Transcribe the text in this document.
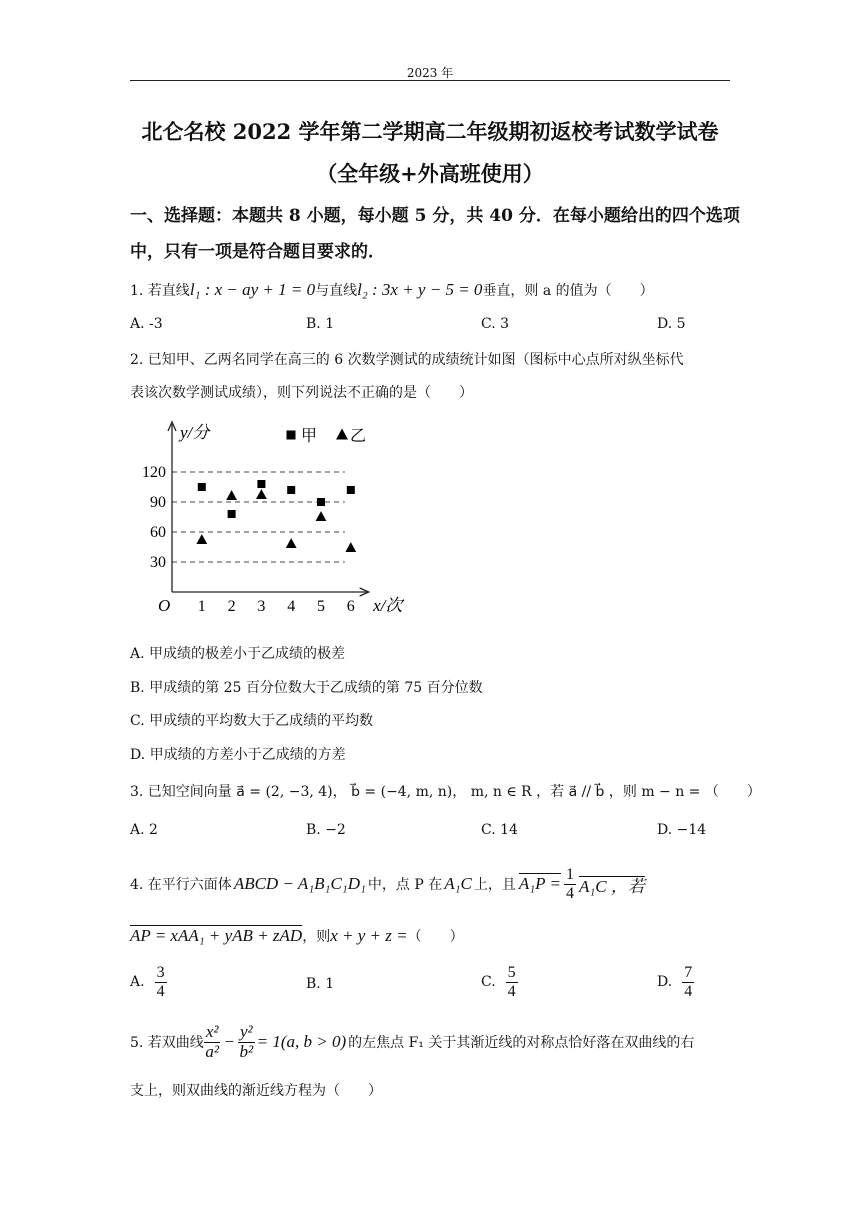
2023 年
北仑名校 2022 学年第二学期高二年级期初返校考试数学试卷
（全年级+外高班使用）
一、选择题：本题共 8 小题，每小题 5 分，共 40 分．在每小题给出的四个选项
中，只有一项是符合题目要求的．
1. 若直线l₁ : x − ay + 1 = 0与直线l₂ : 3x + y − 5 = 0垂直，则 a 的值为（　　）
A. -3	B. 1	C. 3	D. 5
2. 已知甲、乙两名同学在高三的 6 次数学测试的成绩统计如图（图标中心点所对纵坐标代
表该次数学测试成绩），则下列说法不正确的是（　　）
30
60
90
120
O
y/分
x/次
1 2 3 4 5 6
甲 乙
A. 甲成绩的极差小于乙成绩的极差
B. 甲成绩的第 25 百分位数大于乙成绩的第 75 百分位数
C. 甲成绩的平均数大于乙成绩的平均数
D. 甲成绩的方差小于乙成绩的方差
3. 已知空间向量 a⃗ = (2, −3, 4)， b⃗ = (−4, m, n)， m, n ∈ R ，若 a⃗ // b⃗ ，则 m − n = （　　）
A. 2	B. −2	C. 14	D. −14
4. 在平行六面体 ABCD − A₁B₁C₁D₁ 中，点 P 在 A₁C 上，且 $A_1P = \frac{1}{4} A_1C$ ，若
AP = xAA₁ + yAB + zAD，则x + y + z =（　　）
A. $\frac{3}{4}$	B. 1	C. $\frac{5}{4}$	D. $\frac{7}{4}$
5. 若双曲线 $\frac{\text{x²}}{\text{a²}} - \frac{\text{y²}}{\text{b²}} = 1(a$, b > 0) 的左焦点 F₁ 关于其渐近线的对称点恰好落在双曲线的右
支上，则双曲线的渐近线方程为（　　）
